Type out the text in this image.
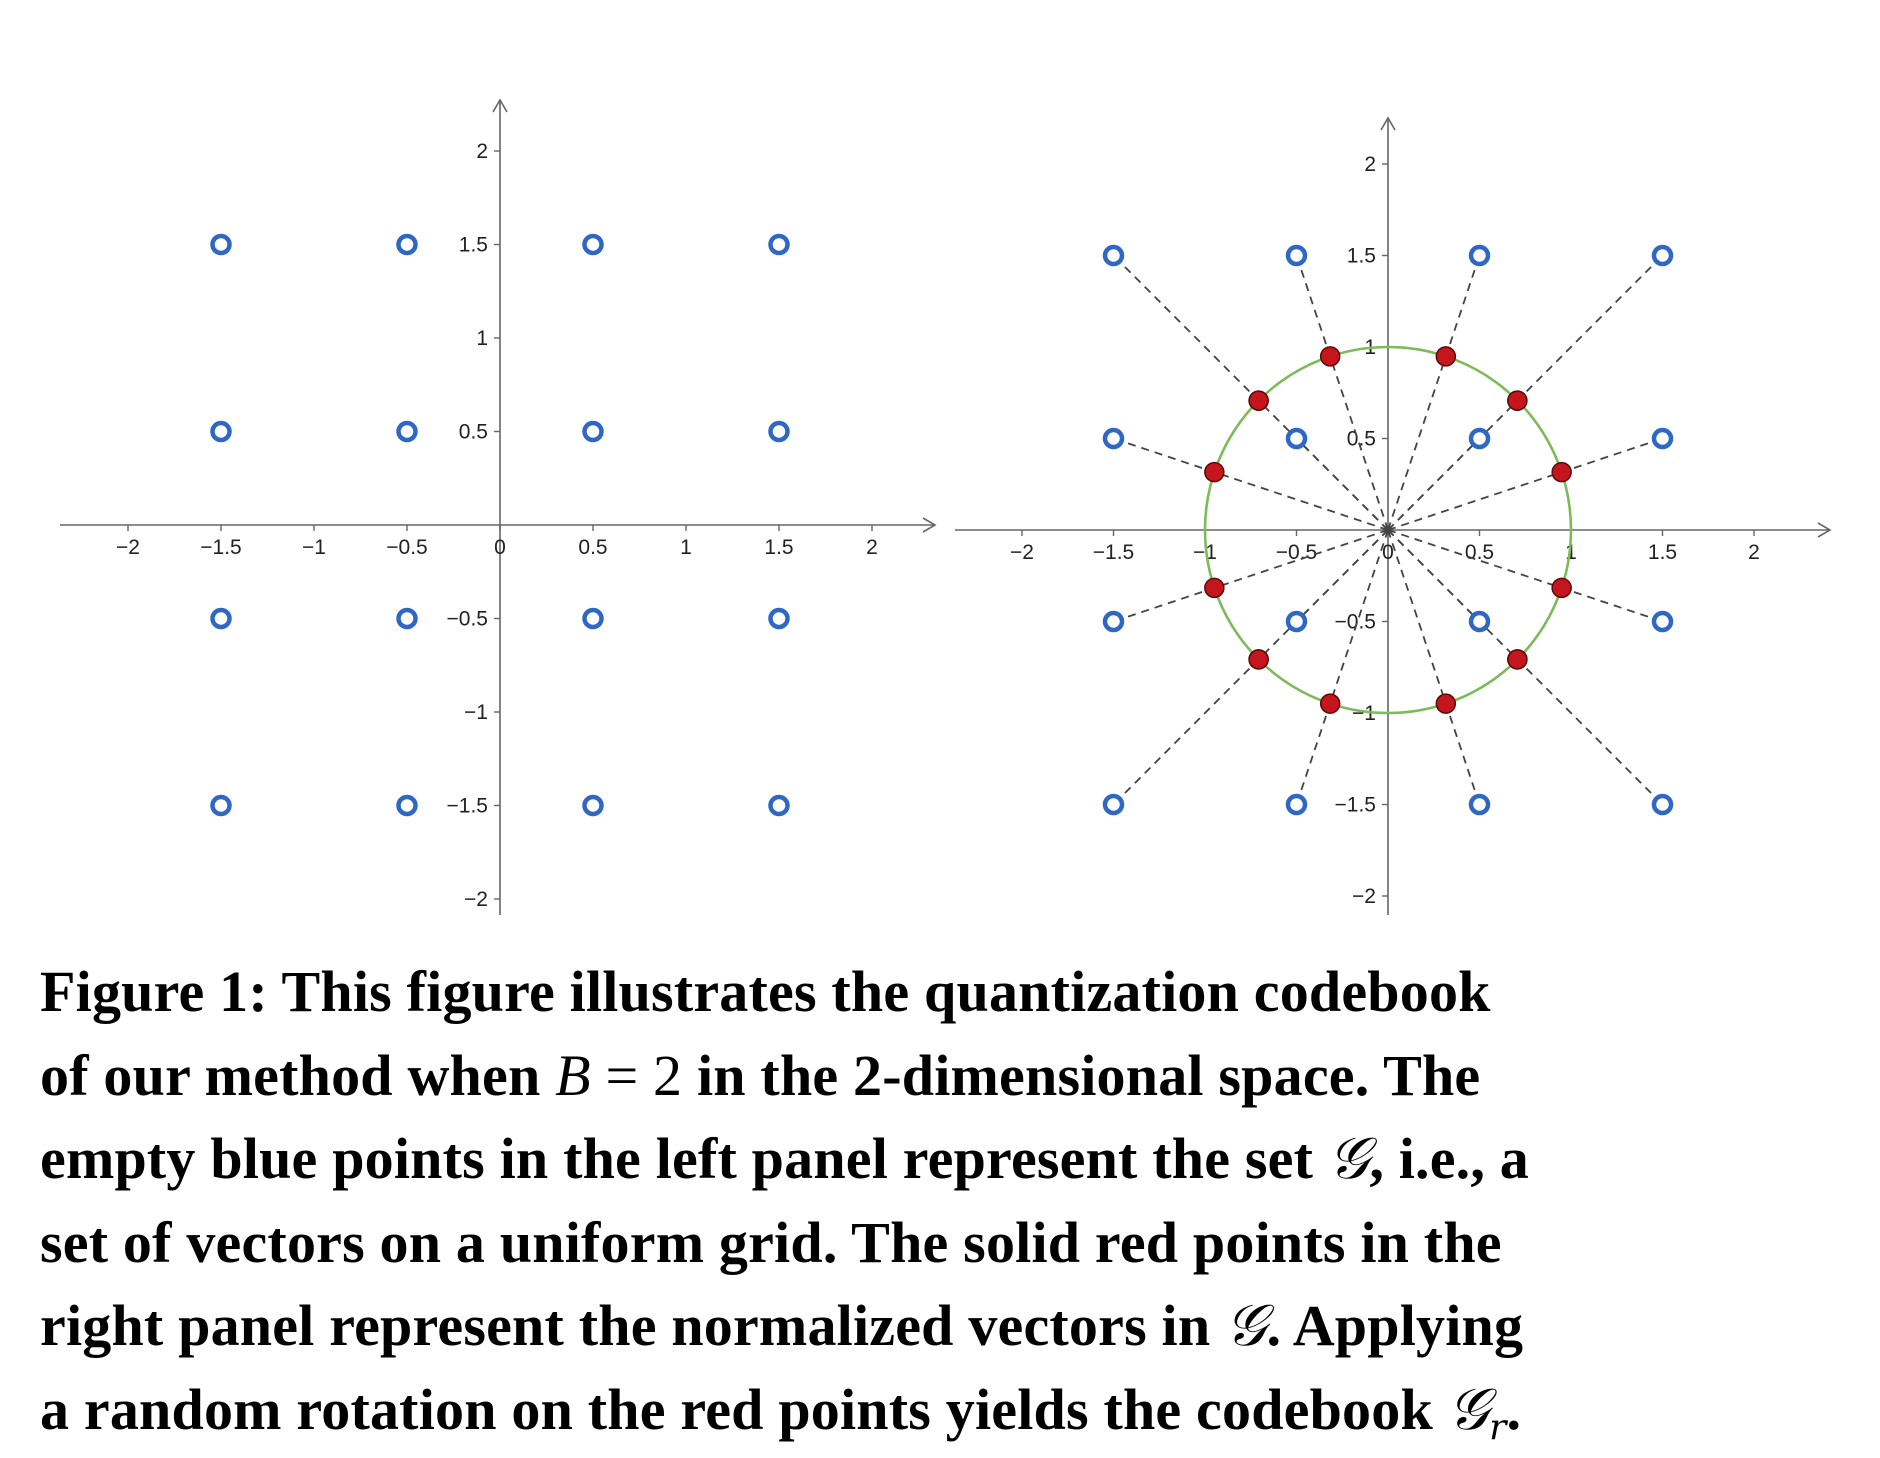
−2	−1.5	−1	−0.5	0	0.5	1	1.5	2
−2
−1.5
−1
−0.5
0.5
1
1.5
2
−2	−1.5	−1	−0.5	0	0.5	1	1.5	2
−2
−1.5
−1
−0.5
0.5
1
1.5
2
Figure 1: This figure illustrates the quantization codebook
of our method when B = 2 in the 2-dimensional space. The
empty blue points in the left panel represent the set 𝒢, i.e., a
set of vectors on a uniform grid. The solid red points in the
right panel represent the normalized vectors in 𝒢. Applying
a random rotation on the red points yields the codebook 𝒢$_r$.
